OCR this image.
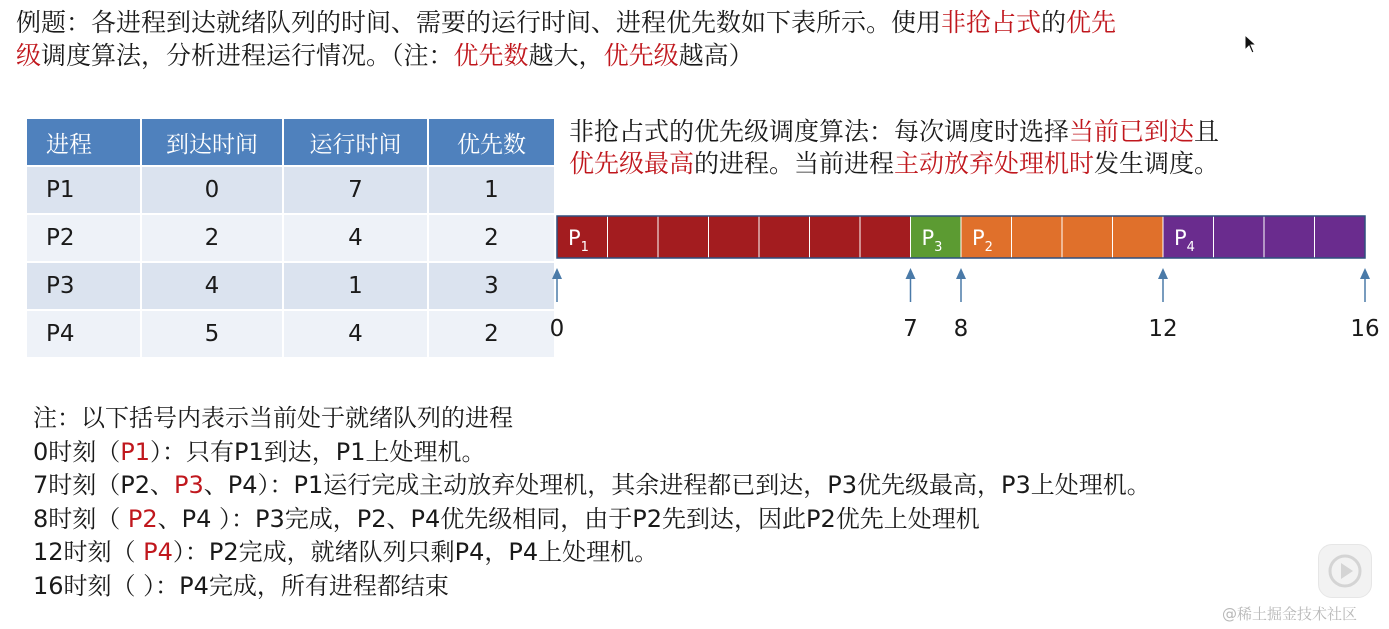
例题：各进程到达就绪队列的时间、需要的运行时间、进程优先数如下表所示。使用非抢占式的优先
级调度算法，分析进程运行情况。（注：优先数越大，优先级越高）
进程	到达时间	运行时间	优先数
P1	0	7	1
P2	2	4	2
P3	4	1	3
P4	5	4	2
非抢占式的优先级调度算法：每次调度时选择当前已到达且
优先级最高的进程。当前进程主动放弃处理机时发生调度。
$P_1$	$P_3$ $P_2$	$P_4$
0	7 8	12	16
注：以下括号内表示当前处于就绪队列的进程
0时刻（P1）：只有P1到达，P1上处理机。
7时刻（P2、P3、P4）：P1运行完成主动放弃处理机，其余进程都已到达，P3优先级最高，P3上处理机。
8时刻（ P2、P4 ）：P3完成，P2、P4优先级相同，由于P2先到达，因此P2优先上处理机
12时刻（ P4）：P2完成，就绪队列只剩P4，P4上处理机。
16时刻（ ）：P4完成，所有进程都结束
@稀土掘金技术社区
